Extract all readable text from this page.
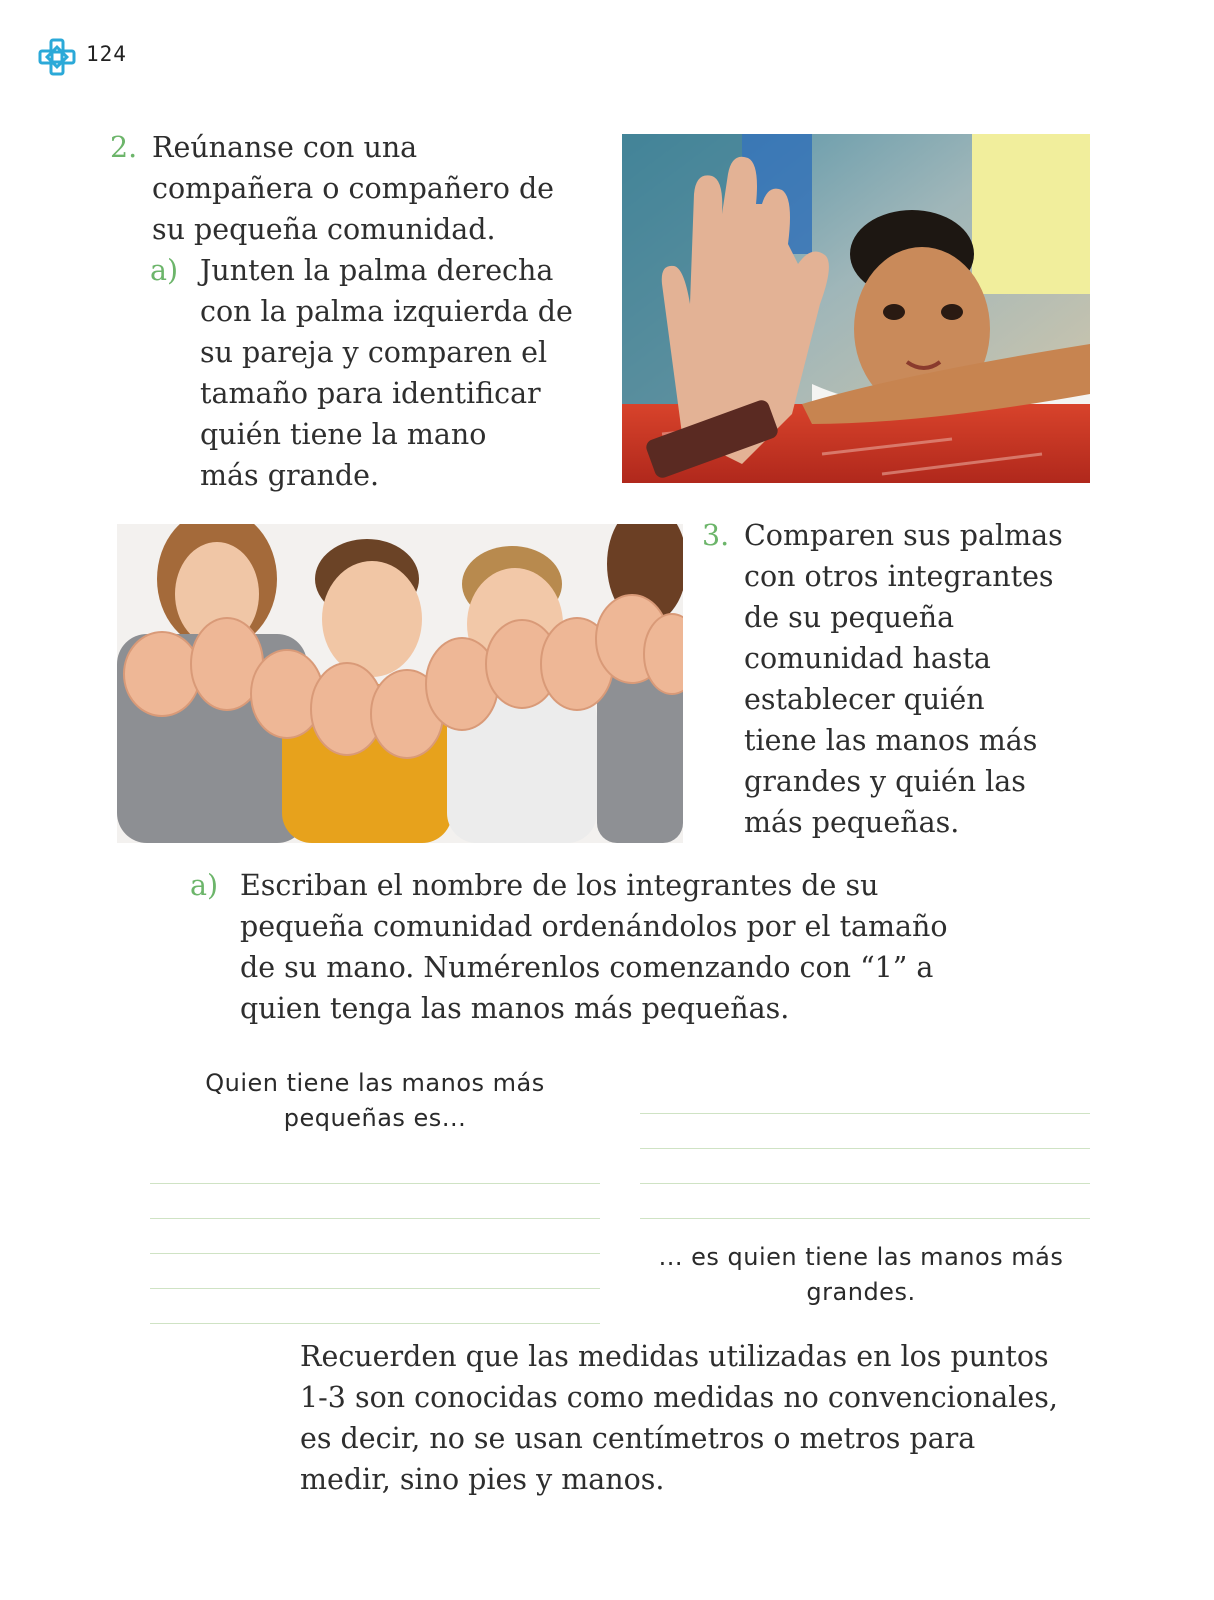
124
2. Reúnanse con una
compañera o compañero de
su pequeña comunidad.
a) Junten la palma derecha
con la palma izquierda de
su pareja y comparen el
tamaño para identificar
quién tiene la mano
más grande.
3. Comparen sus palmas
con otros integrantes
de su pequeña
comunidad hasta
establecer quién
tiene las manos más
grandes y quién las
más pequeñas.
a) Escriban el nombre de los integrantes de su
pequeña comunidad ordenándolos por el tamaño
de su mano. Numérenlos comenzando con “1” a
quien tenga las manos más pequeñas.
Quien tiene las manos más
pequeñas es...
... es quien tiene las manos más
grandes.
Recuerden que las medidas utilizadas en los puntos
1-3 son conocidas como medidas no convencionales,
es decir, no se usan centímetros o metros para
medir, sino pies y manos.
